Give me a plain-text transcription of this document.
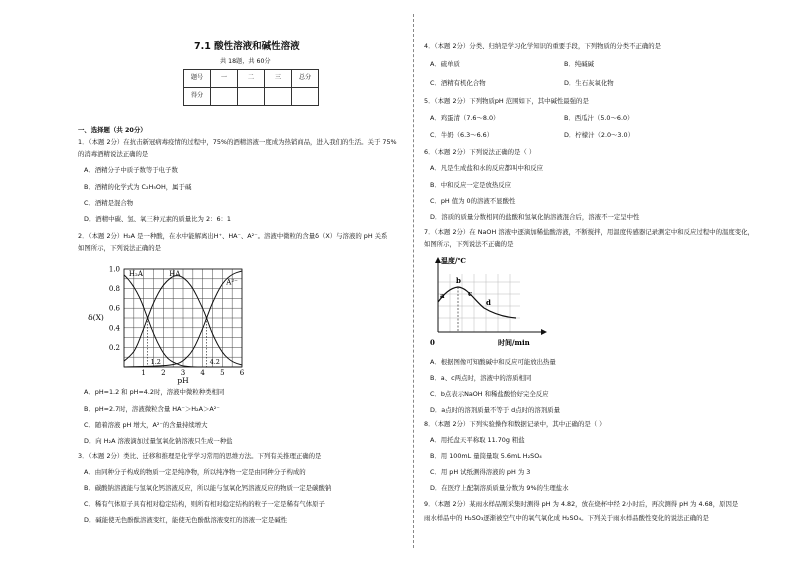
7.1 酸性溶液和碱性溶液
共 18题，共 60分
题号	一	二	三	总分
得分				
一、选择题（共 20分）
1．（本题 2分）在抗击新冠病毒疫情的过程中，75%的酒精溶液一度成为热销商品，进入我们的生活。关于 75%
的消毒酒精说法正确的是
A．酒精分子中质子数等于电子数
B．酒精的化学式为 C₂H₅OH，属于碱
C．酒精是混合物
D．酒精中碳、氢、氧三种元素的质量比为 2：6：1
2．（本题 2分）H₂A 是一种酸，在水中能解离出H⁺、HA⁻、A²⁻。溶液中微粒的含量δ（X）与溶液的 pH 关系
如图所示，下列说法正确的是
0.2
0.4
0.6
0.8
1.0
1 2 3 4 5 6
δ(X)
pH
H₂A	HA
A²⁻
1.2	4.2
A．pH=1.2 和 pH=4.2时，溶液中微粒种类相同
B．pH=2.7时，溶液微粒含量 HA⁻＞H₂A＞A²⁻
C．随着溶液 pH 增大，A²⁻的含量持续增大
D．向 H₂A 溶液滴加过量氢氧化钠溶液只生成一种盐
3．（本题 2分）类比、迁移和推理是化学学习常用的思维方法。下列有关推理正确的是
A．由同种分子构成的物质一定是纯净物，所以纯净物一定是由同种分子构成的
B．碳酸钠溶液能与氢氧化钙溶液反应，所以能与氢氧化钙溶液反应的物质一定是碳酸钠
C．稀有气体原子具有相对稳定结构，则所有相对稳定结构的粒子一定是稀有气体原子
D．碱能使无色酚酞溶液变红，能使无色酚酞溶液变红的溶液一定是碱性
4．（本题 2分）分类、归纳是学习化学知识的重要手段，下列物质的分类不正确的是
A．硫单质	B．纯碱碱
C．酒精有机化合物	D．生石灰氧化物
5．（本题 2分）下列物质pH 范围如下，其中碱性最强的是
A．鸡蛋清（7.6～8.0）	B．西瓜汁（5.0～6.0）
C．牛奶（6.3～6.6）	D．柠檬汁（2.0～3.0）
6．（本题 2分）下列说法正确的是（ ）
A．凡是生成盐和水的反应都叫中和反应
B．中和反应一定是放热反应
C．pH 值为 0的溶液不显酸性
D．溶质的质量分数相同的盐酸和氢氧化钠溶液混合后，溶液不一定呈中性
7．（本题 2分）在 NaOH 溶液中逐滴加稀盐酸溶液，不断搅拌，用温度传感器记录测定中和反应过程中的温度变化，
如图所示，下列说法不正确的是
温度/℃
时间/min
0
a
b
c
d
A．根据图像可知酸碱中和反应可能放出热量
B．a、c两点时，溶液中的溶质相同
C．b点表示NaOH 和稀盐酸恰好完全反应
D．a点时的溶剂质量不等于 d点时的溶剂质量
8．（本题 2分）下列实验操作和数据记录中，其中正确的是（ ）
A．用托盘天平称取 11.70g 粗盐
B．用 100mL 量筒量取 5.6mL H₂SO₄
C．用 pH 试纸测得溶液的 pH 为 3
D．在医疗上配制溶质质量分数为 9%的生理盐水
9．（本题 2分）某雨水样品刚采集时测得 pH 为 4.82，放在烧杯中经 2小时后，再次测得 pH 为 4.68，原因是
雨水样品中的 H₂SO₃逐渐被空气中的氧气氧化成 H₂SO₄。下列关于雨水样品酸性变化的说法正确的是
